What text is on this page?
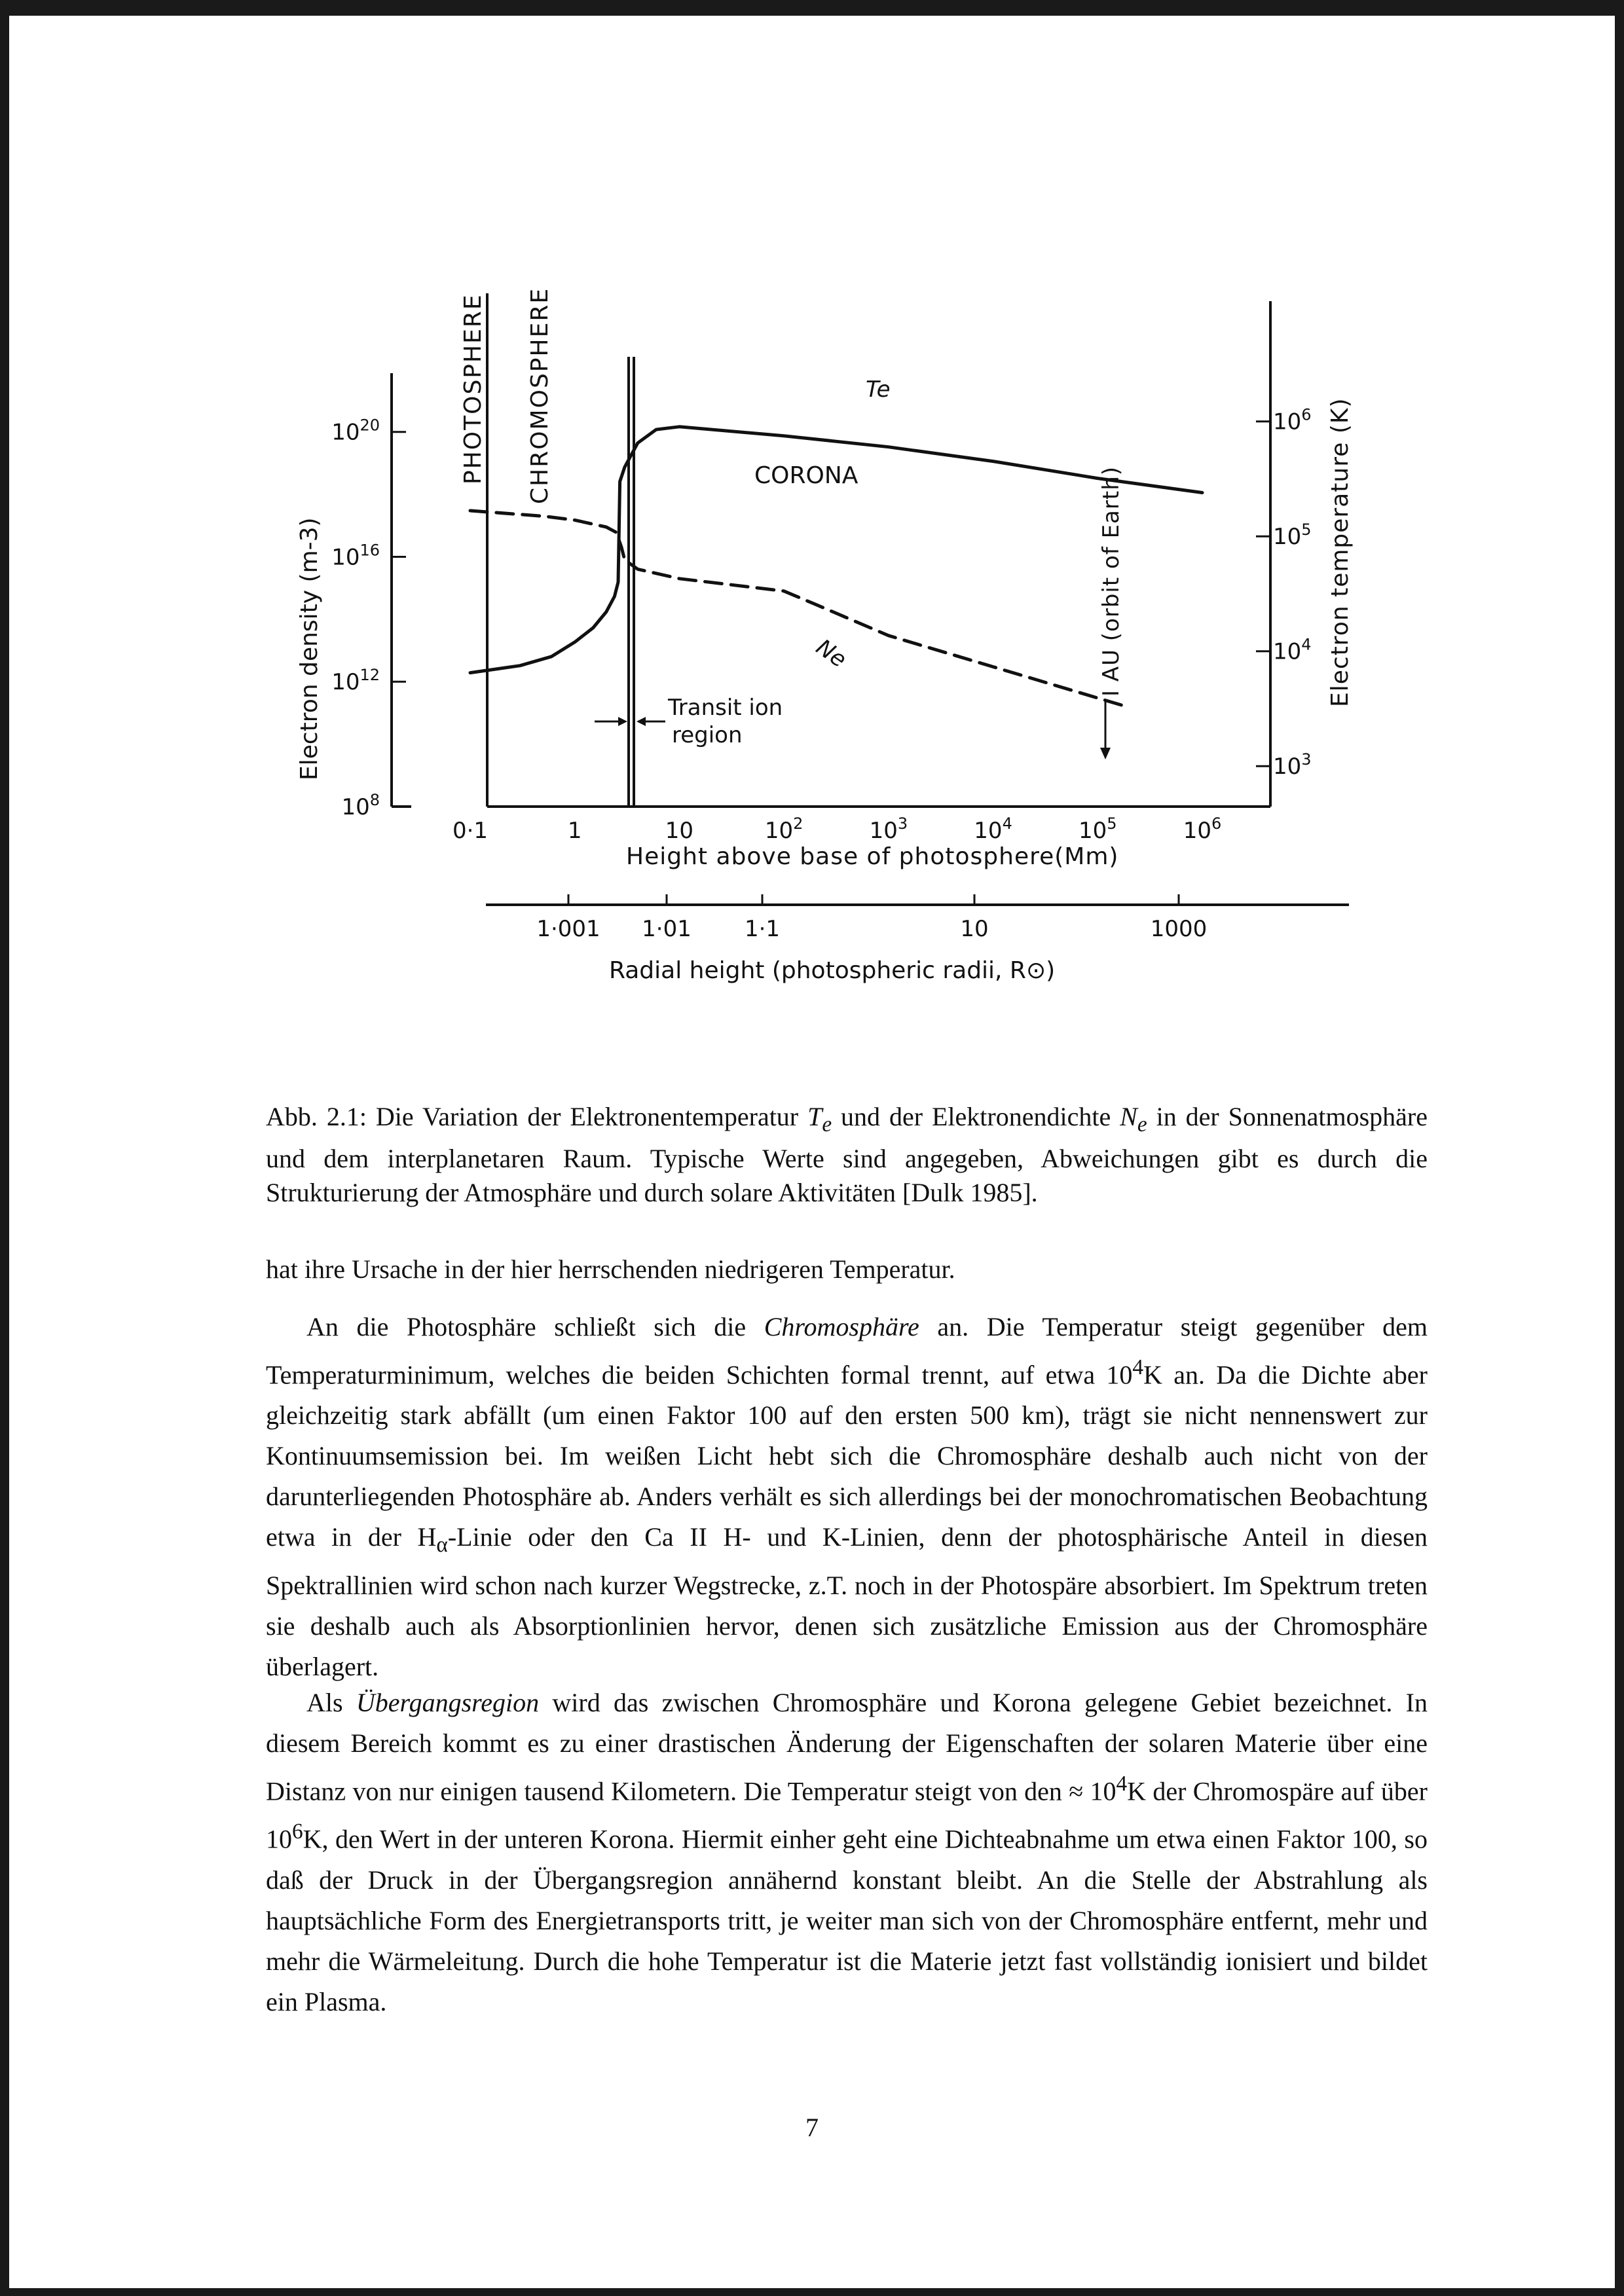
PHOTOSPHERE CHROMOSPHERE	CORONA
Te
Ne
Transit ion
region
I AU (orbit of Earth)
Electron density (m-3)	Electron temperature (K)
Height above base of photosphere(Mm)
Radial height (photospheric radii, R⊙)
$10^{20}$
$10^{16}$
$10^{12}$
$10^8$
$10^6$
$10^5$
$10^4$
$10^3$
0·1	1	10	$10^2$	$10^3$	$10^4$	$10^5$	$10^6$
1·001 1·01 1·1	10	1000
Abb. 2.1: Die Variation der Elektronentemperatur $T_e$ und der Elektronendichte $N_e$ in der Sonnenatmosphäre und dem interplanetaren Raum. Typische Werte sind angegeben, Abweichungen gibt es durch die Strukturierung der Atmosphäre und durch solare Aktivitäten [Dulk 1985].
hat ihre Ursache in der hier herrschenden niedrigeren Temperatur.
An die Photosphäre schließt sich die Chromosphäre an. Die Temperatur steigt gegenüber dem Temperaturminimum, welches die beiden Schichten formal trennt, auf etwa $10^4K$ an. Da die Dichte aber gleichzeitig stark abfällt (um einen Faktor 100 auf den ersten 500 km), trägt sie nicht nennenswert zur Kontinuumsemission bei. Im weißen Licht hebt sich die Chromosphäre deshalb auch nicht von der darunterliegenden Photosphäre ab. Anders verhält es sich allerdings bei der monochromatischen Beobachtung etwa in der $H_\alpha$-Linie oder den Ca II H- und K-Linien, denn der photosphärische Anteil in diesen Spektrallinien wird schon nach kurzer Wegstrecke, z.T. noch in der Photospäre absorbiert. Im Spektrum treten sie deshalb auch als Absorptionlinien hervor, denen sich zusätzliche Emission aus der Chromosphäre überlagert.
Als Übergangsregion wird das zwischen Chromosphäre und Korona gelegene Gebiet bezeichnet. In diesem Bereich kommt es zu einer drastischen Änderung der Eigenschaften der solaren Materie über eine Distanz von nur einigen tausend Kilometern. Die Temperatur steigt von den ≈ $10^4K$ der Chromospäre auf über $10^6K$, den Wert in der unteren Korona. Hiermit einher geht eine Dichteabnahme um etwa einen Faktor 100, so daß der Druck in der Übergangsregion annähernd konstant bleibt. An die Stelle der Abstrahlung als hauptsächliche Form des Energietransports tritt, je weiter man sich von der Chromosphäre entfernt, mehr und mehr die Wärmeleitung. Durch die hohe Temperatur ist die Materie jetzt fast vollständig ionisiert und bildet ein Plasma.
7
